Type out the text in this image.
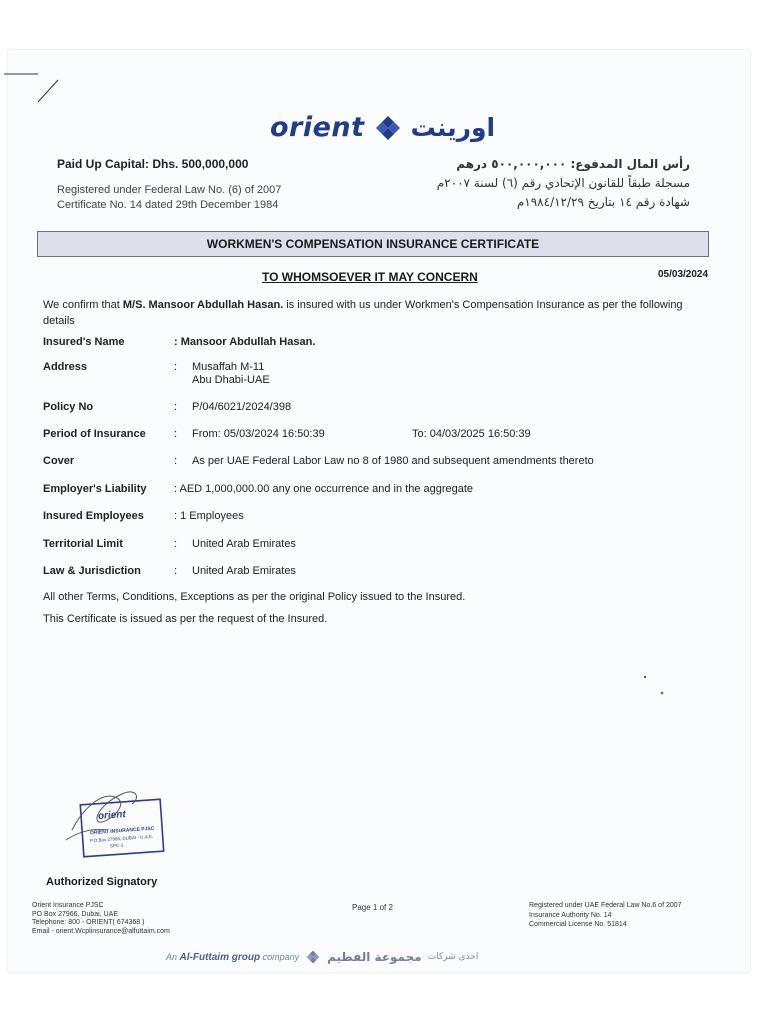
orient اورينت
Paid Up Capital: Dhs. 500,000,000
Registered under Federal Law No. (6) of 2007
Certificate No. 14 dated 29th December 1984
رأس المال المدفوع: ٥٠٠,٠٠٠,٠٠٠ درهم
مسجلة طبقاً للقانون الإتحادي رقم (٦) لسنة ٢٠٠٧م
شهادة رقم ١٤ بتاريخ ١٩٨٤/١٢/٢٩م
WORKMEN'S COMPENSATION INSURANCE CERTIFICATE
TO WHOMSOEVER IT MAY CONCERN	05/03/2024
We confirm that M/S. Mansoor Abdullah Hasan. is insured with us under Workmen's Compensation Insurance as per the following details
Insured's Name	: Mansoor Abdullah Hasan.
Address	:	Musaffah M-11
Abu Dhabi-UAE
Policy No	:	P/04/6021/2024/398
Period of Insurance	:	From: 05/03/2024 16:50:39	To: 04/03/2025 16:50:39
Cover	:	As per UAE Federal Labor Law no 8 of 1980 and subsequent amendments thereto
Employer's Liability	: AED 1,000,000.00 any one occurrence and in the aggregate
Insured Employees	: 1 Employees
Territorial Limit	:	United Arab Emirates
Law & Jurisdiction	:	United Arab Emirates
All other Terms, Conditions, Exceptions as per the original Policy issued to the Insured.
This Certificate is issued as per the request of the Insured.
orient
ORIENT INSURANCE PJSC
P.O.Box 27966, DUBAI - U.A.E.
SPC-1
Authorized Signatory
Orient Insurance PJSC
PO Box 27966, Dubai, UAE
Telephone: 800 - ORIENT( 674368 )
Email - orient.Wcplinsurance@alfuttaim.com
Page 1 of 2	Registered under UAE Federal Law No.6 of 2007
Insurance Authority No. 14
Commercial License No. 51814
An Al-Futtaim group company مجموعة الفطيم احدى شركات
